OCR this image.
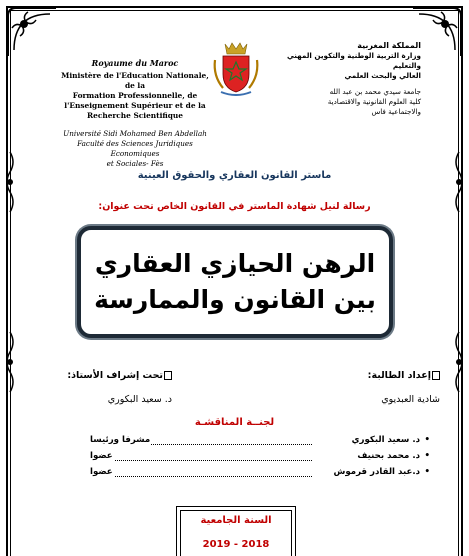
Royaume du Maroc
Ministère de l'Education Nationale, de la
Formation Professionnelle, de
l'Enseignement Supérieur et de la
Recherche Scientifique
Université Sidi Mohamed Ben Abdellah
Faculté des Sciences Juridiques Economiques
et Sociales- Fès
المملكة المغربية
وزارة التربية الوطنية والتكوين المهني والتعليم
العالي والبحث العلمي
جامعة سيدي محمد بن عبد الله
كلية العلوم القانونية والاقتصادية
والاجتماعية فاس
ماستر القانون العقاري والحقوق العينية
رسالة لنيل شهادة الماستر في القانون الخاص تحت عنوان:
الرهن الحيازي العقاري
بين القانون والممارسة
إعداد الطالبة:
تحت إشراف الأستاذ:
شادية العبديوي
د. سعيد البكوري
لجنــة المناقشـة
•
د. سعيد البكوري
مشرفا ورئيسا
•
د. محمد بحنيف
عضوا
•
د.عبد القادر قرموش
عضوا
السنة الجامعية
2019 - 2018
